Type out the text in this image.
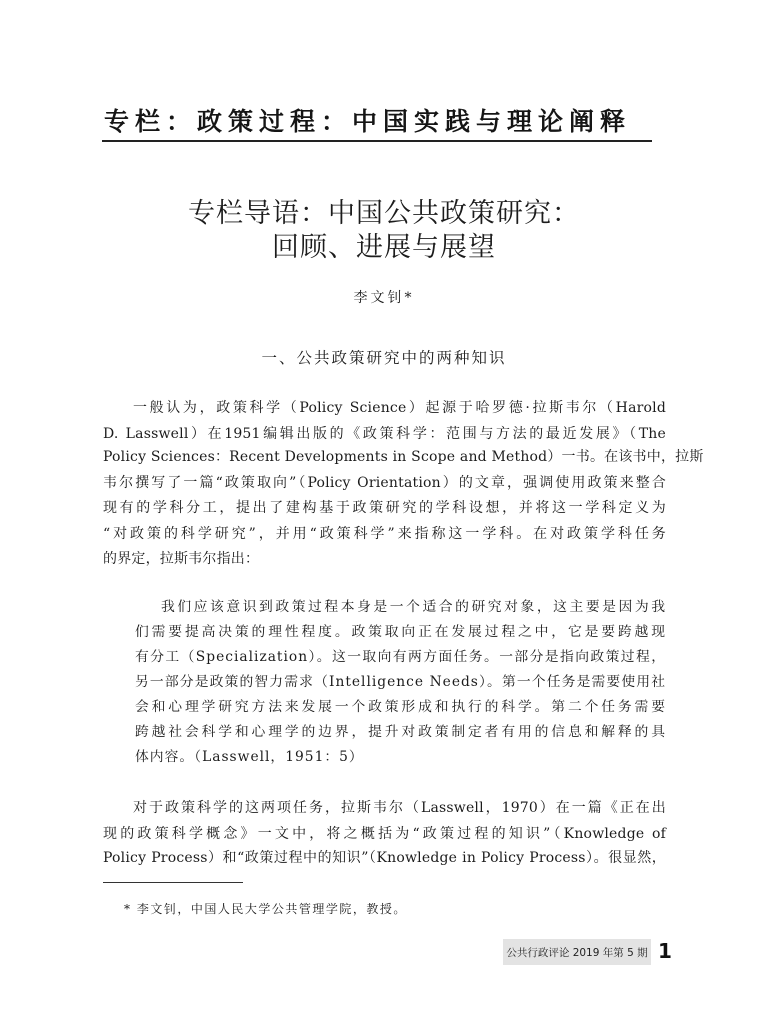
专栏：政策过程：中国实践与理论阐释
专栏导语：中国公共政策研究：
回顾、进展与展望
李文钊*
一、公共政策研究中的两种知识
一般认为，政策科学（Policy Science）起源于哈罗德·拉斯韦尔（Harold
D. Lasswell）在1951编辑出版的《政策科学：范围与方法的最近发展》（The
Policy Sciences：Recent Developments in Scope and Method）一书。在该书中，拉斯
韦尔撰写了一篇“政策取向”（Policy Orientation）的文章，强调使用政策来整合
现有的学科分工，提出了建构基于政策研究的学科设想，并将这一学科定义为
“对政策的科学研究”，并用“政策科学”来指称这一学科。在对政策学科任务
的界定，拉斯韦尔指出：
我们应该意识到政策过程本身是一个适合的研究对象，这主要是因为我
们需要提高决策的理性程度。政策取向正在发展过程之中，它是要跨越现
有分工（Specialization）。这一取向有两方面任务。一部分是指向政策过程，
另一部分是政策的智力需求（Intelligence Needs）。第一个任务是需要使用社
会和心理学研究方法来发展一个政策形成和执行的科学。第二个任务需要
跨越社会科学和心理学的边界，提升对政策制定者有用的信息和解释的具
体内容。（Lasswell，1951：5）
对于政策科学的这两项任务，拉斯韦尔（Lasswell，1970）在一篇《正在出
现的政策科学概念》一文中，将之概括为“政策过程的知识”（Knowledge of
Policy Process）和“政策过程中的知识”（Knowledge in Policy Process）。很显然，
* 李文钊，中国人民大学公共管理学院，教授。
公共行政评论 2019 年第 5 期 1
